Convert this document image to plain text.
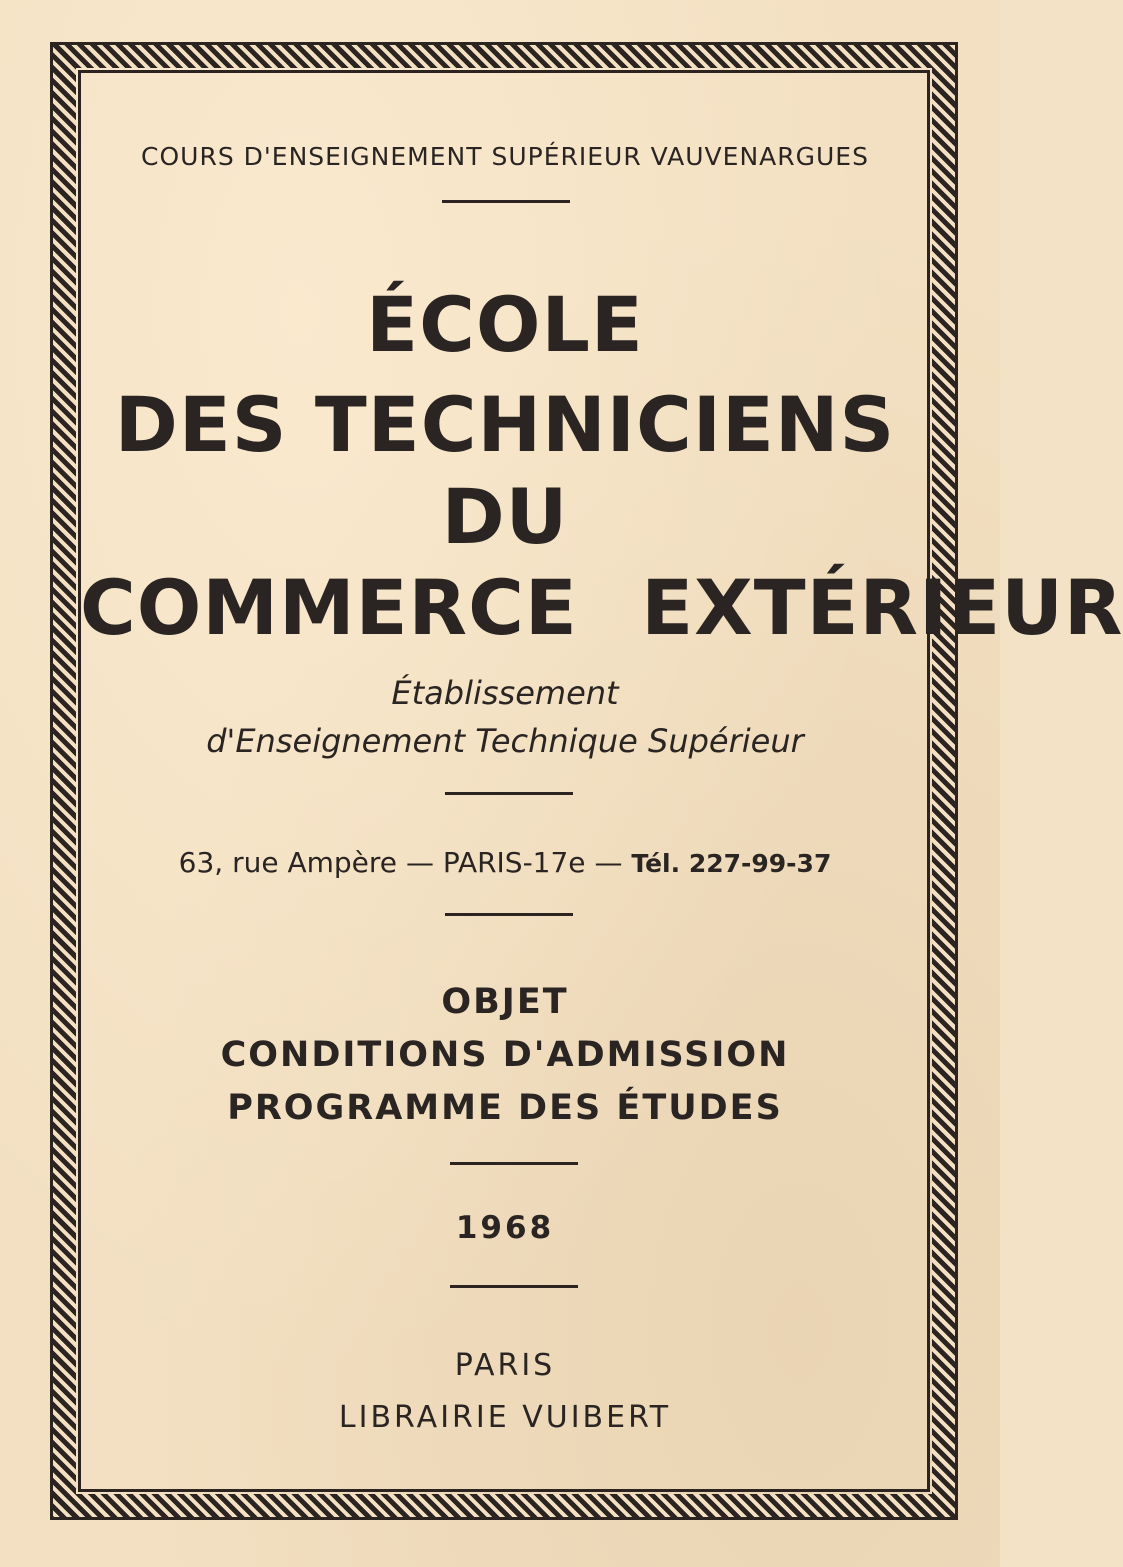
COURS D'ENSEIGNEMENT SUPÉRIEUR VAUVENARGUES

ÉCOLE

DES TECHNICIENS

DU

COMMERCE EXTÉRIEUR

Établissement

d'Enseignement Technique Supérieur

63, rue Ampère — PARIS-17e — Tél. 227-99-37

OBJET

CONDITIONS D'ADMISSION

PROGRAMME DES ÉTUDES

1968

PARIS

LIBRAIRIE VUIBERT
